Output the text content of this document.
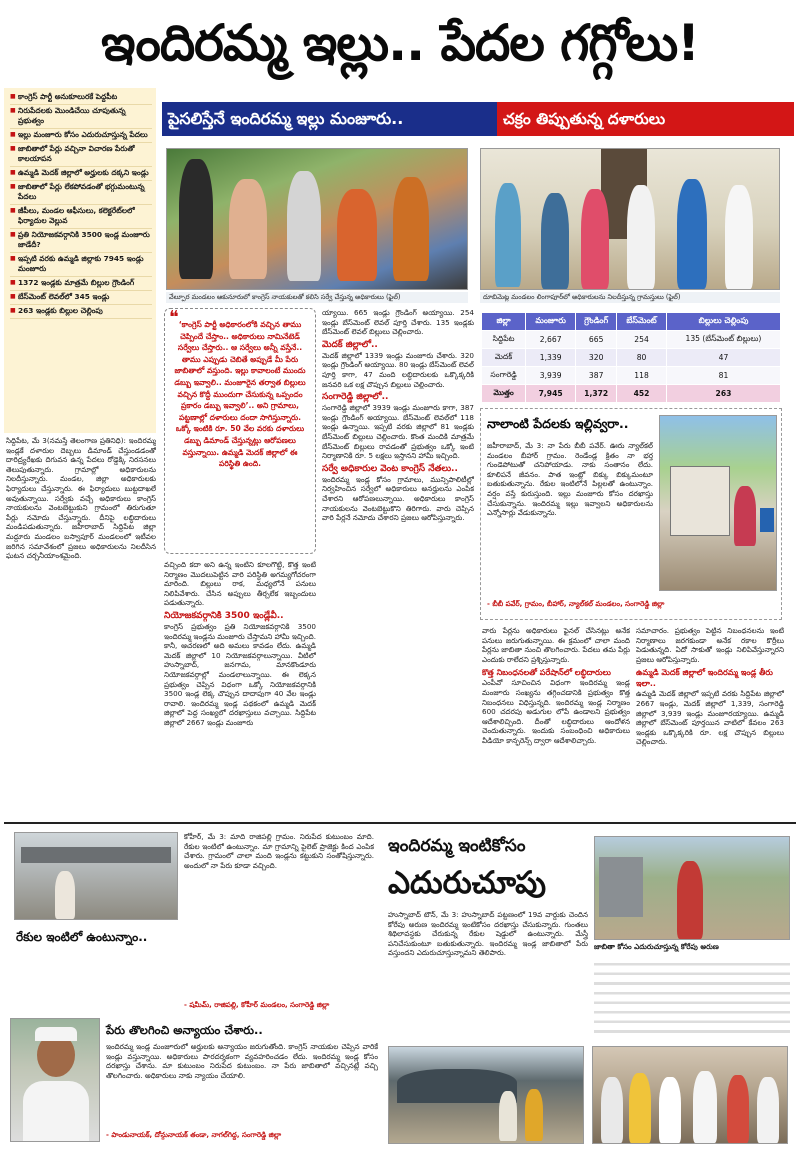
ఇందిరమ్మ ఇల్లు.. పేదల గగ్గోలు!
■ కాంగ్రెస్ పార్టీ అనుకూలురకే పెద్దపీట
■ నిరుపేదలకు మొండిచేయి చూపుతున్న ప్రభుత్వం
■ ఇల్లు మంజూరు కోసం ఎదురుచూస్తున్న పేదలు
■ జాబితాలో పేర్లు వచ్చినా విచారణ పేరుతో కాలయాపన
■ ఉమ్మడి మెదక్ జిల్లాలో అర్హులకు దక్కని ఇండ్లు
■ జాబితాలో పేర్లు లేకపోవడంతో భగ్గుమంటున్న పేదలు
■ జీపీలు, మండల ఆఫీసులు, కలెక్టరేట్‌లలో ఫిర్యాదుల వెల్లువ
■ ప్రతి నియోజకవర్గానికి 3500 ఇండ్ల మంజూరు జాడేదీ?
■ ఇప్పటి వరకు ఉమ్మడి జిల్లాకు 7945 ఇండ్లు మంజూరు
■ 1372 ఇండ్లకు మాత్రమే బిల్లుల గ్రౌండింగ్
■ బేస్‌మెంట్ లెవల్‌లో 345 ఇండ్లు
■ 263 ఇండ్లకు బిల్లుల చెల్లింపు
పైసలిస్తేనే ఇందిరమ్మ ఇల్లు మంజూరు..	చక్రం తిప్పుతున్న దళారులు
వేల్పూర మండలం ఆకునూరులో కాంగ్రెస్ నాయకులతో కలిసి సర్వే చేస్తున్న అధికారులు (ఫైల్)	దూబిమెట్ల మండలం లింగాపూర్‌లో అధికారులను నిలదీస్తున్న గ్రామస్తులు (ఫైల్)
❝ ‘కాంగ్రెస్ పార్టీ అధికారంలోకి వచ్చిన తాము చెప్పిందే చేస్తాం.. అధికారులు నామినేటెడ్ సర్వేలు చేస్తారు.. ఆ సర్వేలు అన్నీ వస్తేనే.. తాము ఎప్పుడు చెబితే అప్పుడే మీ పేరు జాబితాలో వస్తుంది. ఇల్లు కావాలంటే ముందు డబ్బు ఇవ్వాలి.. మంజూరైన తర్వాత బిల్లులు వచ్చిన కొద్దీ ముందుగా చేసుకున్న ఒప్పందం ప్రకారం డబ్బు ఇవ్వాలి’.. అని గ్రామాలు, పట్టణాల్లో దళారులు దందా సాగిస్తున్నారు. ఒక్కో ఇంటికి రూ. 50 వేల వరకు దళారులు డబ్బు డిమాండ్ చేస్తున్నట్లు ఆరోపణలు వస్తున్నాయి. ఉమ్మడి మెదక్ జిల్లాలో ఈ పరిస్థితి ఉంది.
జిల్లా	మంజూరు	గ్రౌండింగ్	బేస్‌మెంట్	బిల్లులు చెల్లింపు
సిద్దిపేట	2,667	665	254	135 (బేస్‌మెంట్ బిల్లులు)
మెదక్	1,339	320	80	47
సంగారెడ్డి	3,939	387	118	81
మొత్తం	7,945	1,372	452	263
సిద్దిపేట, మే 3(నమస్తే తెలంగాణ ప్రతినిధి): ఇందిరమ్మ ఇండ్లకే దళారుల దెబ్బలు డిమాండ్ చేస్తుండడంతో దారిద్ర్యరేఖకు దిగువన ఉన్న పేదలు రోడ్డెక్కి నిరసనలు తెలుపుతున్నారు. గ్రామాల్లో అధికారులను నిలదీస్తున్నారు. మండల, జిల్లా అధికారులకు ఫిర్యాదులు చేస్తున్నారు. ఈ ఫిర్యాదులు బుట్టదాఖలే అవుతున్నాయి. సర్వేకు వచ్చే అధికారులు కాంగ్రెస్ నాయకులను వెంటబెట్టుకుని గ్రామంలో తిరుగుతూ పేర్లు నమోదు చేస్తున్నారు. దీనిపై లబ్ధిదారులు మండిపడుతున్నారు. జహీరాబాద్ సిద్దిపేట జిల్లా మద్దూరు మండలం బస్వాపూర్ మండలంలో ఇటీవల జరిగిన సమావేశంలో ప్రజలు అధికారులను నిలదీసిన ఘటన చర్చనీయాంశమైంది.
వచ్చింది కదా అని ఉన్న ఇంటిని కూలగొట్టి, కొత్త ఇంటి నిర్మాణం మొదలుపెట్టిన వారి పరిస్థితి అగమ్యగోచరంగా మారింది. బిల్లులు రాక, మధ్యలోనే పనులు నిలిపివేశారు. చేసిన అప్పులు తీర్చలేక ఇబ్బందులు పడుతున్నారు.
నియోజకవర్గానికి 3500 ఇండ్లేవీ..
కాంగ్రెస్ ప్రభుత్వం ప్రతి నియోజకవర్గానికి 3500 ఇందిరమ్మ ఇండ్లను మంజూరు చేస్తామని హామీ ఇచ్చింది. కానీ, ఆచరణలో అది అమలు కావడం లేదు. ఉమ్మడి మెదక్ జిల్లాలో 10 నియోజకవర్గాలున్నాయి. వీటిలో హుస్నాబాద్, జనగామ, మానకొండూరు నియోజకవర్గాల్లో మండలాలున్నాయి. ఈ లెక్కన ప్రభుత్వం చెప్పిన విధంగా ఒక్కో నియోజకవర్గానికి 3500 ఇండ్ల లెక్క చొప్పున దాదాపుగా 40 వేల ఇండ్లు రావాలి. ఇందిరమ్మ ఇండ్ల పథకంలో ఉమ్మడి మెదక్ జిల్లాలో పెద్ద సంఖ్యలో దరఖాస్తులు వచ్చాయి. సిద్దిపేట జిల్లాలో 2667 ఇండ్లు మంజూరు
య్యాయి. 665 ఇండ్లు గ్రౌండింగ్ అయ్యాయి. 254 ఇండ్లు బేస్‌మెంట్ లెవల్ పూర్తి చేశారు. 135 ఇండ్లకు బేస్‌మెంట్ లెవల్ బిల్లులు చెల్లించారు.
మెదక్ జిల్లాలో..
మెదక్ జిల్లాలో 1339 ఇండ్లు మంజూరు చేశారు. 320 ఇండ్లు గ్రౌండింగ్ అయ్యాయి. 80 ఇండ్లు బేస్‌మెంట్ లెవల్ పూర్తి కాగా, 47 మంది లబ్ధిదారులకు ఒక్కొక్కరికి జనవరి ఒక లక్ష చొప్పున బిల్లులు చెల్లించారు.
సంగారెడ్డి జిల్లాలో..
సంగారెడ్డి జిల్లాలో 3939 ఇండ్లు మంజూరు కాగా, 387 ఇండ్లు గ్రౌండింగ్ అయ్యాయి. బేస్‌మెంట్ లెవల్‌లో 118 ఇండ్లు ఉన్నాయి. ఇప్పటి వరకు జిల్లాలో 81 ఇండ్లకు బేస్‌మెంట్ బిల్లులు చెల్లించారు. కొంత మందికి మాత్రమే బేస్‌మెంట్ బిల్లులు రావడంతో ప్రభుత్వం ఒక్కో ఇంటి నిర్మాణానికి రూ. 5 లక్షలు ఇస్తానని హామీ ఇచ్చింది.
సర్వే అధికారుల వెంట కాంగ్రెస్ నేతలు..
ఇందిరమ్మ ఇండ్ల కోసం గ్రామాలు, మున్సిపాలిటీల్లో నిర్వహించిన సర్వేలో అధికారులు అనర్హులను ఎంపిక చేశారని ఆరోపణలున్నాయి. అధికారులు కాంగ్రెస్ నాయకులను వెంటబెట్టుకొని తిరిగారు. వారు చెప్పిన వారి పేర్లనే నమోదు చేశారని ప్రజలు ఆరోపిస్తున్నారు.
నాలాంటి పేదలకు ఇల్లివ్వరా..
జహీరాబాద్, మే 3: నా పేరు బీబీ పవేర్. ఊరు న్యాల్‌కల్ మండలం బీహార్ గ్రామం. రెండేండ్ల క్రితం నా భర్త గుండెపోటుతో చనిపోయాడు. నాకు సంతానం లేదు. కూలిపనే జీవనం. పాత ఇంట్లో బిక్కు బిక్కుమంటూ బతుకుతున్నాను. రేకుల ఇంటిలోనే పిల్లలతో ఉంటున్నాం. వర్షం వస్తే కురుస్తుంది. ఇల్లు మంజూరు కోసం దరఖాస్తు చేసుకున్నాను. ఇందిరమ్మ ఇల్లు ఇవ్వాలని అధికారులను ఎన్నోసార్లు వేడుకున్నాను.
- బీబీ పవేర్, గ్రామం, బీహార్, న్యాల్‌కల్ మండలం, సంగారెడ్డి జిల్లా
వారు పేర్లను అధికారులు ఫైనల్ చేసినట్లు అనేక పనులు జరుగుతున్నాయి. ఈ క్రమంలో చాలా మంది పేర్లను జాబితా నుంచి తొలగించారు. పేదలు తమ పేర్లు ఎందుకు రాలేదని ప్రశ్నిస్తున్నారు.
కొత్త నిబంధనలతో పరేషాన్‌లో లబ్ధిదారులు
ఎంపీవో సూచించిన విధంగా ఇందిరమ్మ ఇండ్ల మంజూరు సంఖ్యను తగ్గించడానికి ప్రభుత్వం కొత్త నిబంధనలు విధిస్తున్నది. ఇందిరమ్మ ఇండ్ల నిర్మాణం 600 చదరపు అడుగుల లోపే ఉండాలని ప్రభుత్వం ఆదేశాలిచ్చింది. దీంతో లబ్ధిదారులు ఆందోళన చెందుతున్నారు. ఇందుకు సంబంధించి అధికారులు వీడియో కాన్ఫరెన్స్ ద్వారా ఆదేశాలిచ్చారు.
సమాచారం. ప్రభుత్వం పెట్టిన నిబంధనలను ఇంటి నిర్మాణాలు జరగకుండా అనేక రకాల కొర్రీలు పెడుతున్నది. ఏదో సాకుతో ఇండ్లు నిలిపివేస్తున్నారని ప్రజలు ఆరోపిస్తున్నారు.
ఉమ్మడి మెదక్ జిల్లాలో ఇందిరమ్మ ఇండ్ల తీరు ఇలా..
ఉమ్మడి మెదక్ జిల్లాలో ఇప్పటి వరకు సిద్దిపేట జిల్లాలో 2667 ఇండ్లు, మెదక్ జిల్లాలో 1,339, సంగారెడ్డి జిల్లాలో 3,939 ఇండ్లు మంజూరయ్యాయి. ఉమ్మడి జిల్లాలో బేస్‌మెంట్ పూర్తయిన వాటిలో కేవలం 263 ఇండ్లకు ఒక్కొక్కరికి రూ. లక్ష చొప్పున బిల్లులు చెల్లించారు.
రేకుల ఇంటిలో ఉంటున్నాం..
కోహీర్, మే 3: మాది రాజిపల్లి గ్రామం. నిరుపేద కుటుంబం మాది. రేకుల ఇంటిలో ఉంటున్నాం. మా గ్రామాన్ని పైలెట్ ప్రాజెక్టు కింద ఎంపిక చేశారు. గ్రామంలో చాలా మంది ఇండ్లను కట్టుకుని సంతోషిస్తున్నారు. అందులో నా పేరు కూడా వచ్చింది.
- షమీమ్, రాజిపల్లి, కోహీర్ మండలం, సంగారెడ్డి జిల్లా
పేరు తొలగించి అన్యాయం చేశారు..
ఇందిరమ్మ ఇండ్ల మంజూరులో అర్హులకు అన్యాయం జరుగుతోంది. కాంగ్రెస్ నాయకుల చెప్పిన వారికే ఇండ్లు వస్తున్నాయి. అధికారులు పారదర్శకంగా వ్యవహరించడం లేదు. ఇందిరమ్మ ఇండ్ల కోసం దరఖాస్తు చేశాను. మా కుటుంబం నిరుపేద కుటుంబం. నా పేరు జాబితాలో వచ్చినట్లే వచ్చి తొలగించారు. అధికారులు నాకు న్యాయం చేయాలి.
- పాండునాయక్, దోన్గునాయక్ తండా, నాగల్‌గిద్ద, సంగారెడ్డి జిల్లా
ఇందిరమ్మ ఇంటికోసం
ఎదురుచూపు
హుస్నాబాద్ టౌన్, మే 3: హుస్నాబాద్ పట్టణంలో 19వ వార్డుకు చెందిన కోరేపు అరుణ ఇందిరమ్మ ఇంటికోసం దరఖాస్తు చేసుకున్నారు. గుంతలు శిథిలావస్థకు చేరుకున్న రేకుల షెడ్డులో ఉంటున్నారు. మేస్త్రీ పనిచేసుకుంటూ బతుకుతున్నారు. ఇందిరమ్మ ఇండ్ల జాబితాలో పేరు వస్తుందని ఎదురుచూస్తున్నామని తెలిపారు.
జాబితా కోసం ఎదురుచూస్తున్న కోరేపు అరుణ
